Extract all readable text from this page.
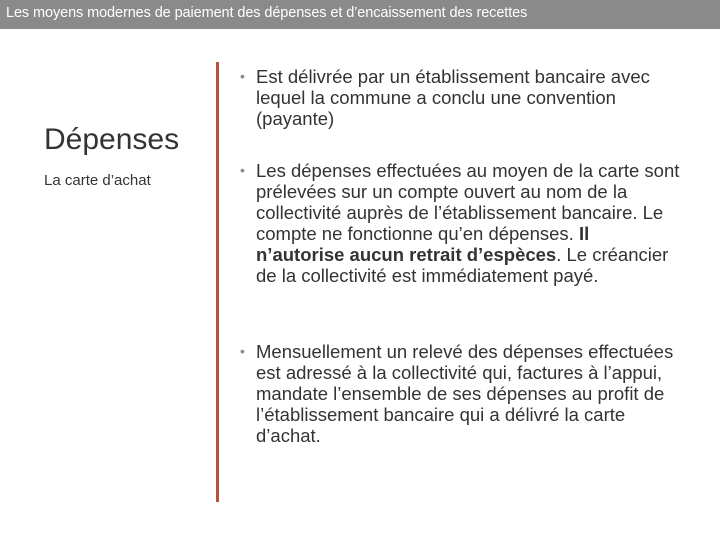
Les moyens modernes de paiement des dépenses et d’encaissement des recettes
Dépenses
La carte d’achat
• Est délivrée par un établissement bancaire avec lequel la commune a conclu une convention (payante)
• Les dépenses effectuées au moyen de la carte sont prélevées sur un compte ouvert au nom de la collectivité auprès de l’établissement bancaire. Le compte ne fonctionne qu’en dépenses. Il n’autorise aucun retrait d’espèces. Le créancier de la collectivité est immédiatement payé.
• Mensuellement un relevé des dépenses effectuées est adressé à la collectivité qui, factures à l’appui, mandate l’ensemble de ses dépenses au profit de l’établissement bancaire qui a délivré la carte d’achat.
